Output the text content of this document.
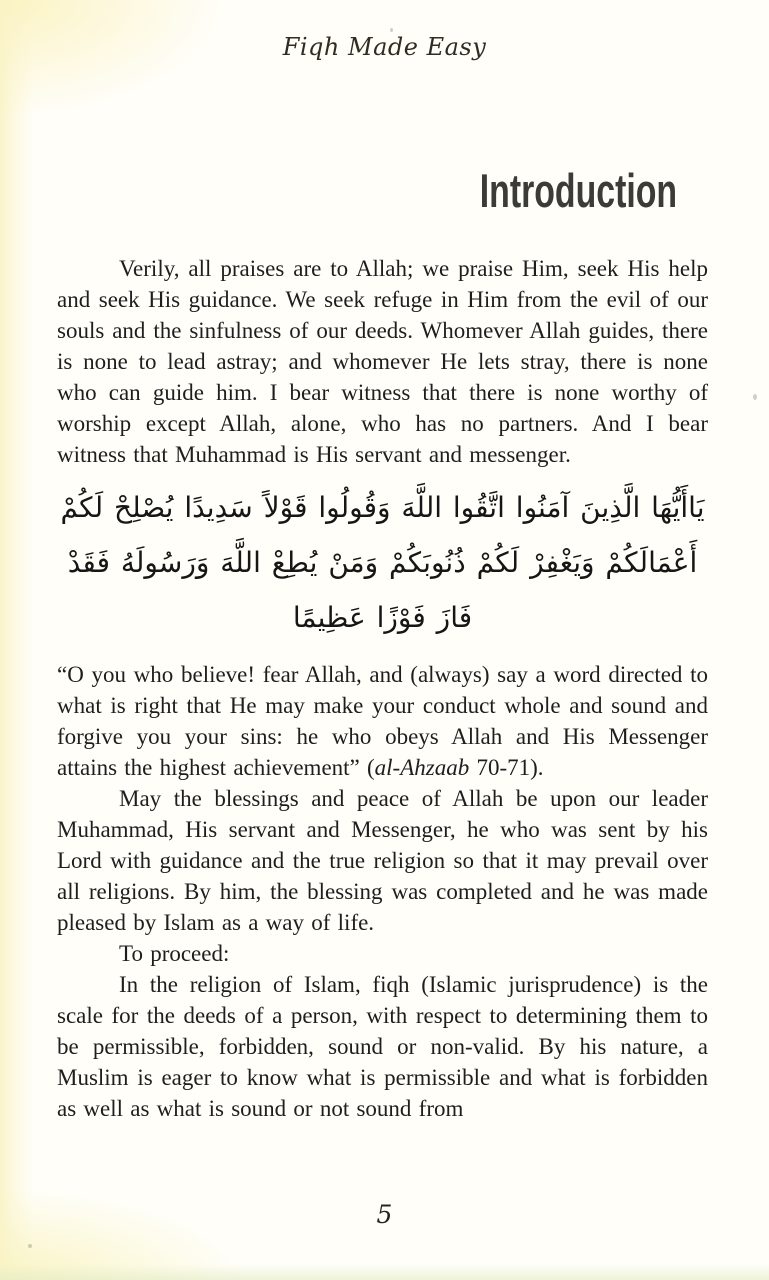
Fiqh Made Easy
Introduction

Verily, all praises are to Allah; we praise Him, seek His help and seek His guidance. We seek refuge in Him from the evil of our souls and the sinfulness of our deeds. Whomever Allah guides, there is none to lead astray; and whomever He lets stray, there is none who can guide him. I bear witness that there is none worthy of worship except Allah, alone, who has no partners. And I bear witness that Muhammad is His servant and messenger.

يَاأَيُّهَا الَّذِينَ آمَنُوا اتَّقُوا اللَّهَ وَقُولُوا قَوْلاً سَدِيدًا يُصْلِحْ لَكُمْ
أَعْمَالَكُمْ وَيَغْفِرْ لَكُمْ ذُنُوبَكُمْ وَمَنْ يُطِعْ اللَّهَ وَرَسُولَهُ فَقَدْ
فَازَ فَوْزًا عَظِيمًا

“O you who believe! fear Allah, and (always) say a word directed to what is right that He may make your conduct whole and sound and forgive you your sins: he who obeys Allah and His Messenger attains the highest achievement” (al-Ahzaab 70-71).

May the blessings and peace of Allah be upon our leader Muhammad, His servant and Messenger, he who was sent by his Lord with guidance and the true religion so that it may prevail over all religions. By him, the blessing was completed and he was made pleased by Islam as a way of life.

To proceed:

In the religion of Islam, fiqh (Islamic jurisprudence) is the scale for the deeds of a person, with respect to determining them to be permissible, forbidden, sound or non-valid. By his nature, a Muslim is eager to know what is permissible and what is forbidden as well as what is sound or not sound from

5
